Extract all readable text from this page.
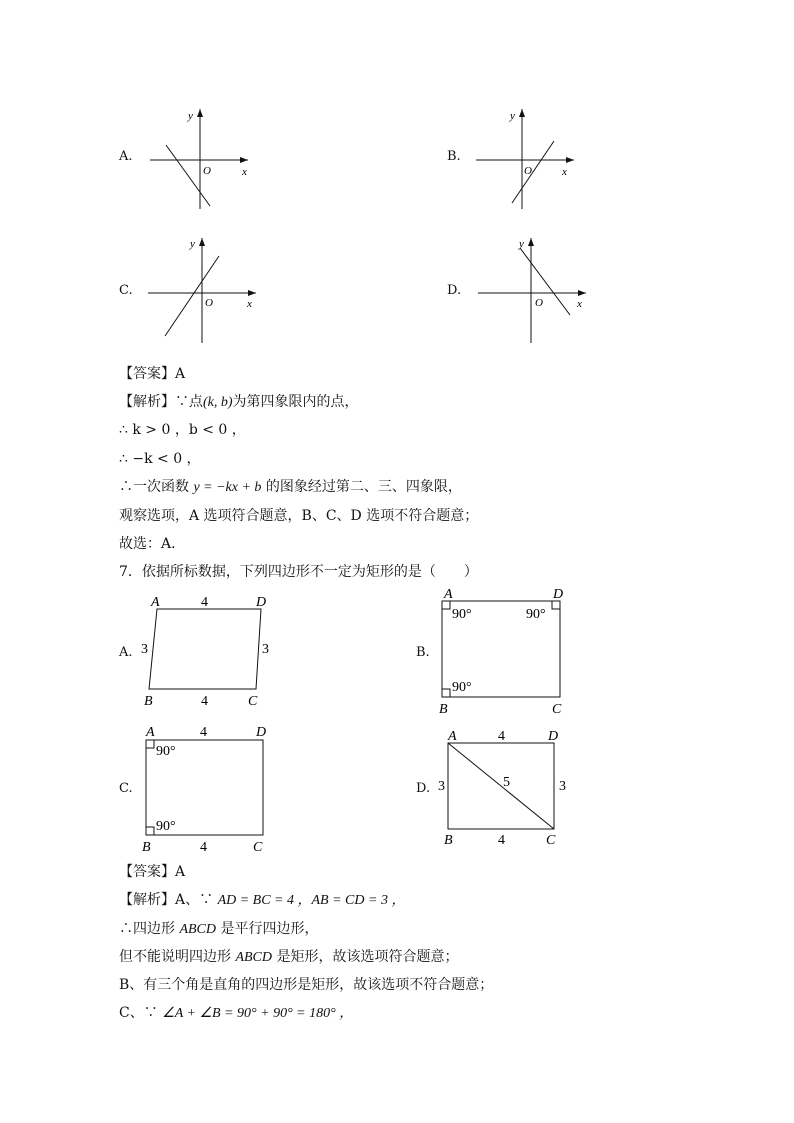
A.
y
x
O
B.
y
x
O
C.
y
x
O
D.
y
x
O
【答案】A
【解析】∵点(k, b)为第四象限内的点，
∴ k > 0 ，b < 0 ，
∴ −k < 0 ，
∴一次函数 y = −kx + b 的图象经过第二、三、四象限，
观察选项，A 选项符合题意，B、C、D 选项不符合题意；
故选：A．
7．依据所标数据，下列四边形不一定为矩形的是（　　）
A.
A	D
B	C
4
4
3	3	B.
A	D
B	C
90°	90°
90°
C.
A	D
B	C
4
4
90°
90°
D.
A	D
B	C
4
4
3	3
5
【答案】A
【解析】A、∵ AD = BC = 4 ，AB = CD = 3 ，
∴四边形 ABCD 是平行四边形，
但不能说明四边形 ABCD 是矩形，故该选项符合题意；
B、有三个角是直角的四边形是矩形，故该选项不符合题意；
C、∵ ∠A + ∠B = 90° + 90° = 180° ，
